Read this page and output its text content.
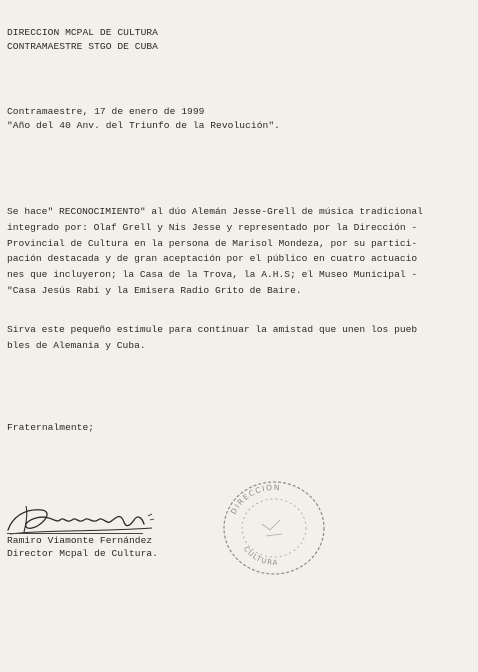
DIRECCION MCPAL DE CULTURA
CONTRAMAESTRE STGO DE CUBA
Contramaestre, 17 de enero de 1999
"Año del 40 Anv. del Triunfo de la Revolución".
Se hace" RECONOCIMIENTO" al dúo Alemán Jesse-Grell de música tradicional
integrado por: Olaf Grell y Nis Jesse y representado por la Dirección -
Provincial de Cultura en la persona de Marisol Mondeza, por su partici-
pación destacada y de gran aceptación por el público en cuatro actuacio
nes que incluyeron; la Casa de la Trova, la A.H.S; el Museo Municipal -
"Casa Jesús Rabí y la Emisera Radio Grito de Baire.
Sirva este pequeño estímule para continuar la amistad que unen los pueb
bles de Alemania y Cuba.
Fraternalmente;
Ramiro Viamonte Fernández
Director Mcpal de Cultura.
DIRECCION
CULTURA
